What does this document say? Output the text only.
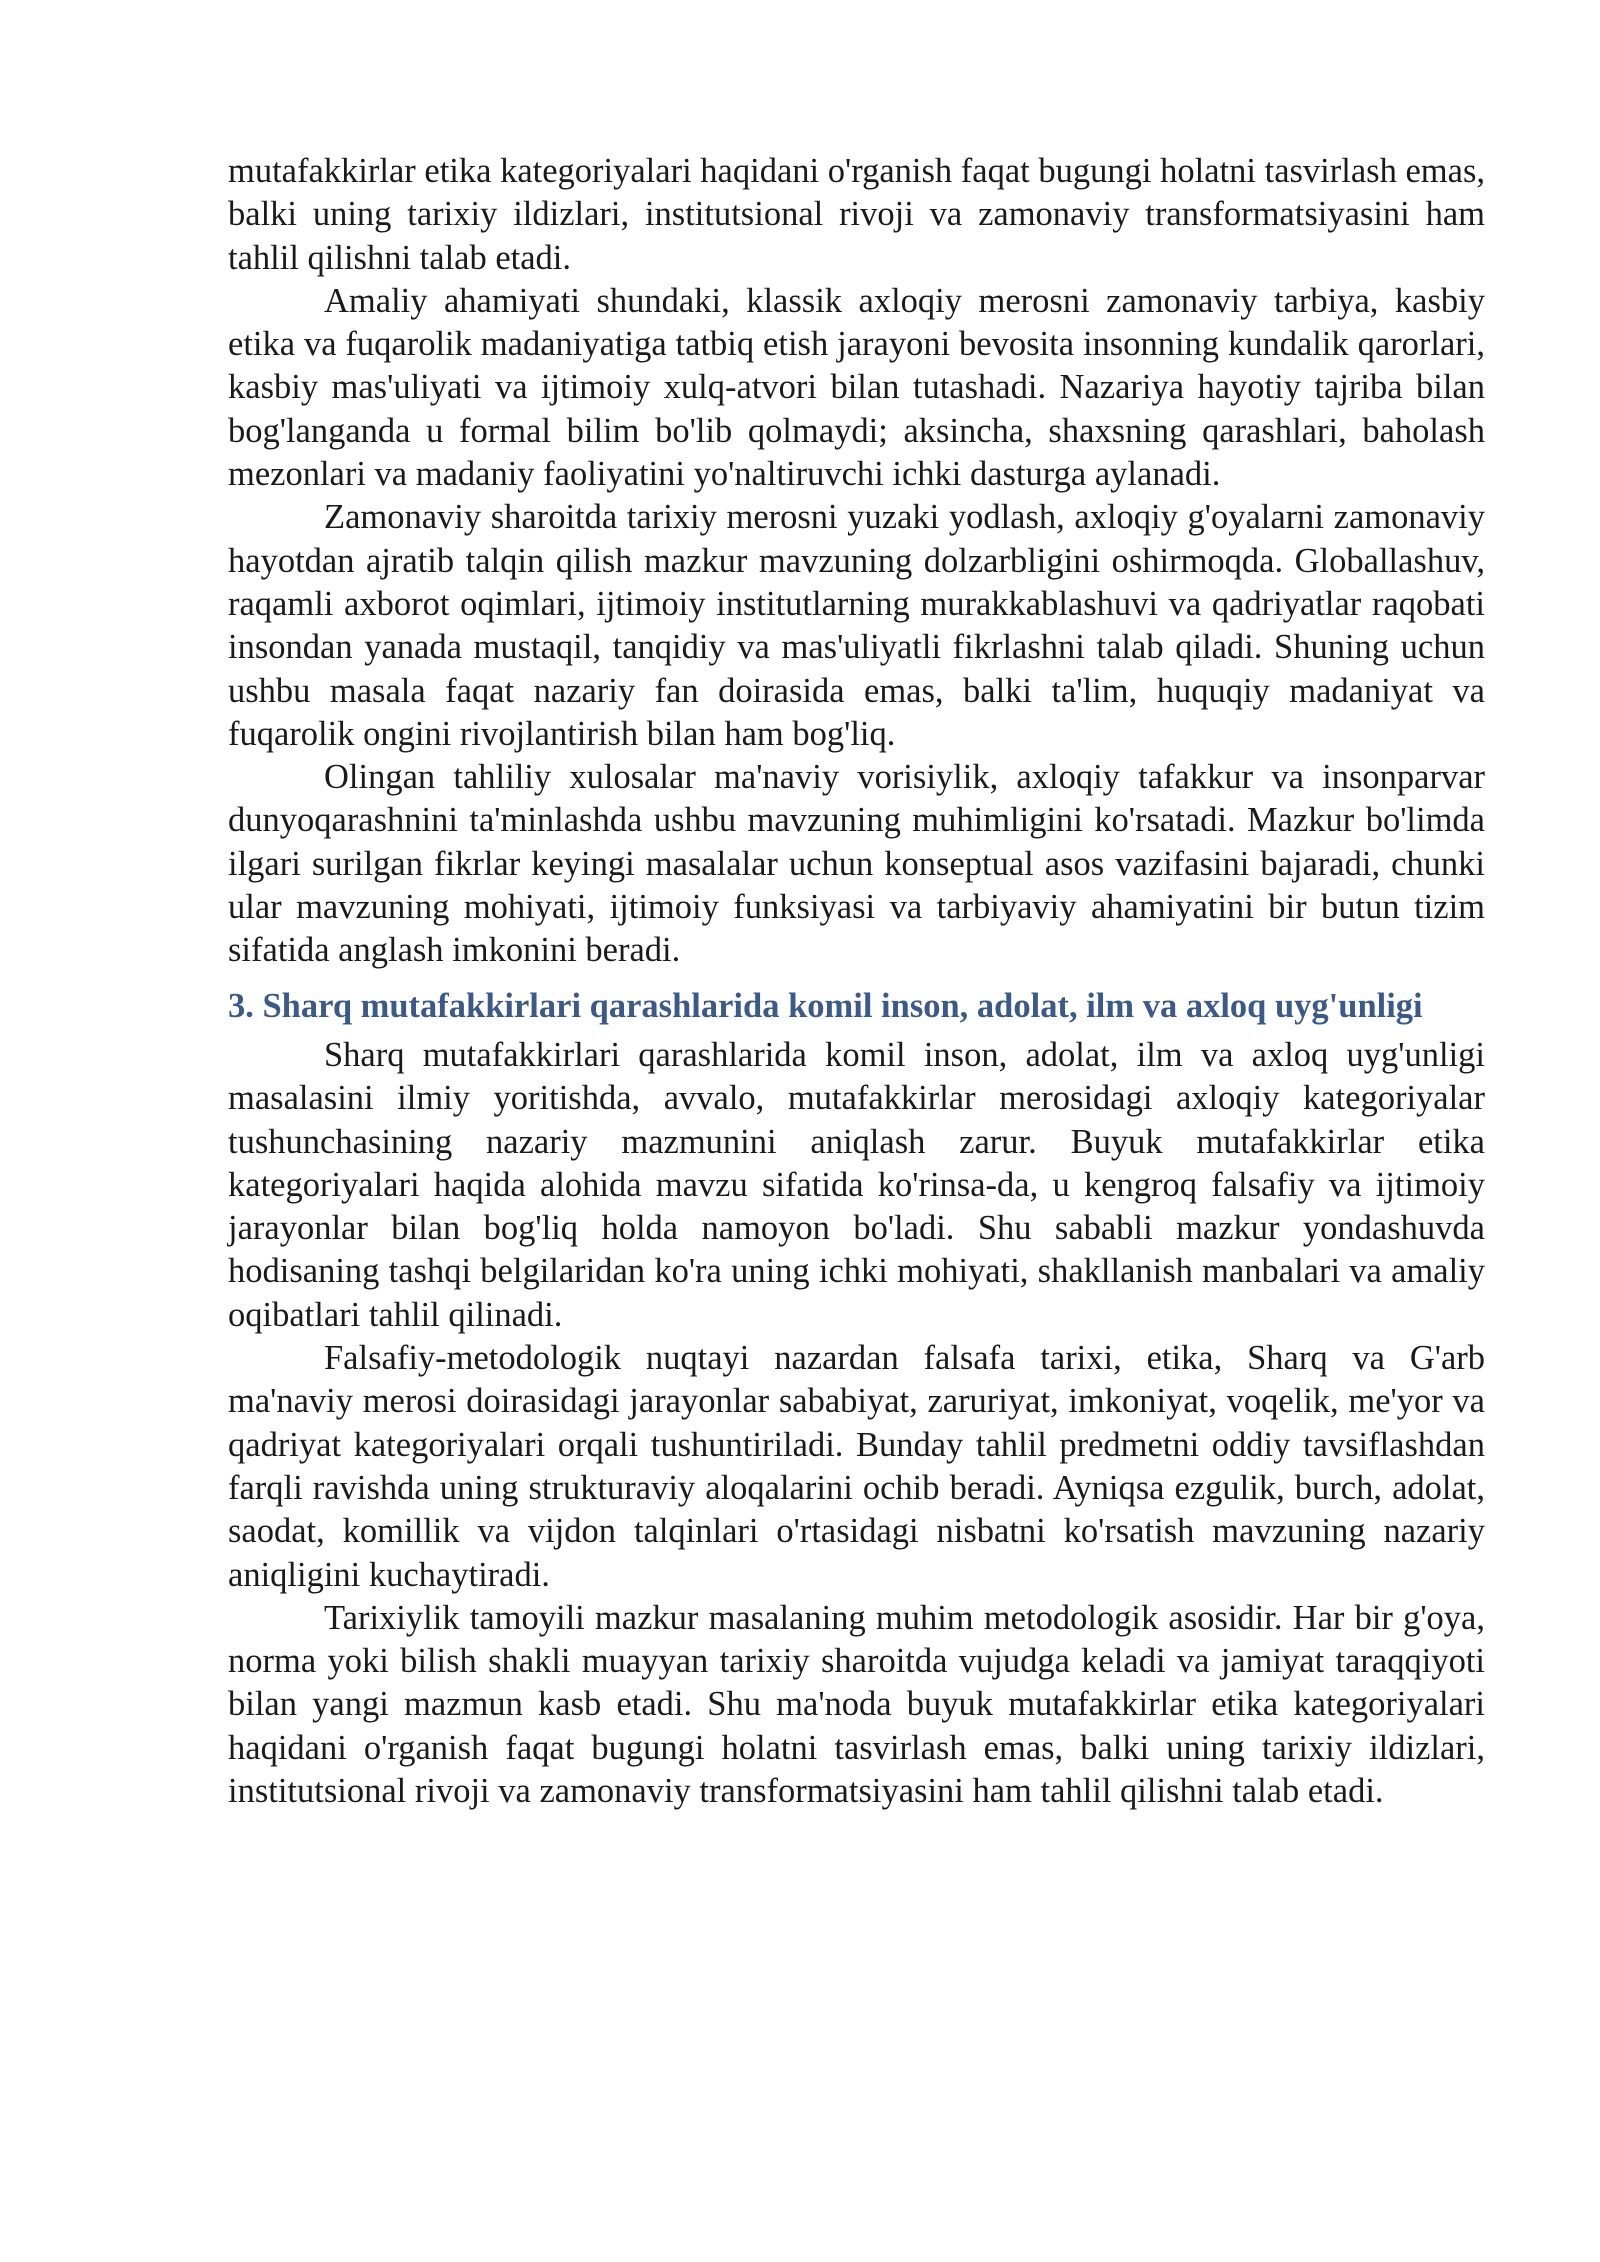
mutafakkirlar etika kategoriyalari haqidani o'rganish faqat bugungi holatni tasvirlash emas, balki uning tarixiy ildizlari, institutsional rivoji va zamonaviy transformatsiyasini ham tahlil qilishni talab etadi.

Amaliy ahamiyati shundaki, klassik axloqiy merosni zamonaviy tarbiya, kasbiy etika va fuqarolik madaniyatiga tatbiq etish jarayoni bevosita insonning kundalik qarorlari, kasbiy mas'uliyati va ijtimoiy xulq-atvori bilan tutashadi. Nazariya hayotiy tajriba bilan bog'langanda u formal bilim bo'lib qolmaydi; aksincha, shaxsning qarashlari, baholash mezonlari va madaniy faoliyatini yo'naltiruvchi ichki dasturga aylanadi.

Zamonaviy sharoitda tarixiy merosni yuzaki yodlash, axloqiy g'oyalarni zamonaviy hayotdan ajratib talqin qilish mazkur mavzuning dolzarbligini oshirmoqda. Globallashuv, raqamli axborot oqimlari, ijtimoiy institutlarning murakkablashuvi va qadriyatlar raqobati insondan yanada mustaqil, tanqidiy va mas'uliyatli fikrlashni talab qiladi. Shuning uchun ushbu masala faqat nazariy fan doirasida emas, balki ta'lim, huquqiy madaniyat va fuqarolik ongini rivojlantirish bilan ham bog'liq.

Olingan tahliliy xulosalar ma'naviy vorisiylik, axloqiy tafakkur va insonparvar dunyoqarashnini ta'minlashda ushbu mavzuning muhimligini ko'rsatadi. Mazkur bo'limda ilgari surilgan fikrlar keyingi masalalar uchun konseptual asos vazifasini bajaradi, chunki ular mavzuning mohiyati, ijtimoiy funksiyasi va tarbiyaviy ahamiyatini bir butun tizim sifatida anglash imkonini beradi.

3. Sharq mutafakkirlari qarashlarida komil inson, adolat, ilm va axloq uyg'unligi

Sharq mutafakkirlari qarashlarida komil inson, adolat, ilm va axloq uyg'unligi masalasini ilmiy yoritishda, avvalo, mutafakkirlar merosidagi axloqiy kategoriyalar tushunchasining nazariy mazmunini aniqlash zarur. Buyuk mutafakkirlar etika kategoriyalari haqida alohida mavzu sifatida ko'rinsa-da, u kengroq falsafiy va ijtimoiy jarayonlar bilan bog'liq holda namoyon bo'ladi. Shu sababli mazkur yondashuvda hodisaning tashqi belgilaridan ko'ra uning ichki mohiyati, shakllanish manbalari va amaliy oqibatlari tahlil qilinadi.

Falsafiy-metodologik nuqtayi nazardan falsafa tarixi, etika, Sharq va G'arb ma'naviy merosi doirasidagi jarayonlar sababiyat, zaruriyat, imkoniyat, voqelik, me'yor va qadriyat kategoriyalari orqali tushuntiriladi. Bunday tahlil predmetni oddiy tavsiflashdan farqli ravishda uning strukturaviy aloqalarini ochib beradi. Ayniqsa ezgulik, burch, adolat, saodat, komillik va vijdon talqinlari o'rtasidagi nisbatni ko'rsatish mavzuning nazariy aniqligini kuchaytiradi.

Tarixiylik tamoyili mazkur masalaning muhim metodologik asosidir. Har bir g'oya, norma yoki bilish shakli muayyan tarixiy sharoitda vujudga keladi va jamiyat taraqqiyoti bilan yangi mazmun kasb etadi. Shu ma'noda buyuk mutafakkirlar etika kategoriyalari haqidani o'rganish faqat bugungi holatni tasvirlash emas, balki uning tarixiy ildizlari, institutsional rivoji va zamonaviy transformatsiyasini ham tahlil qilishni talab etadi.
